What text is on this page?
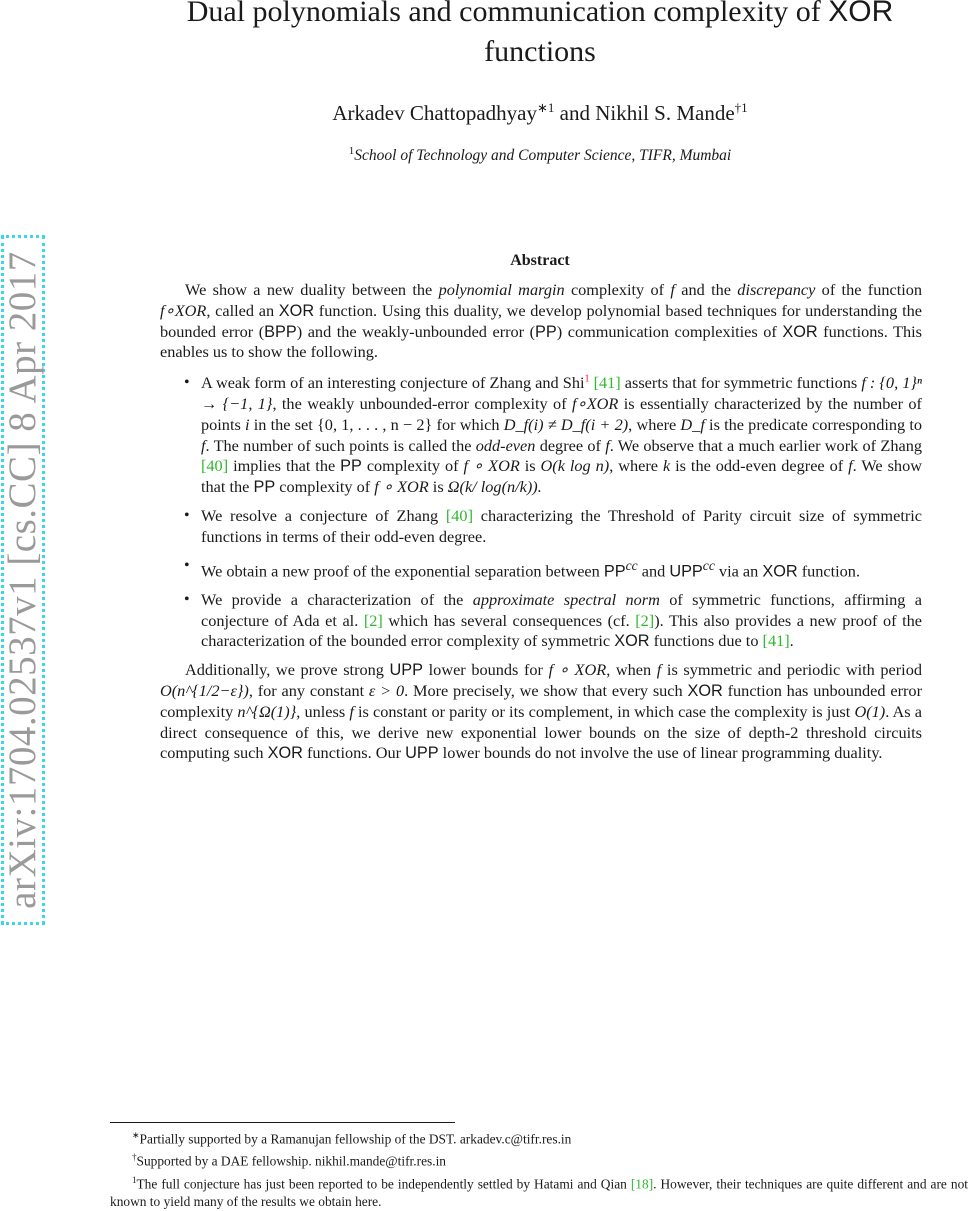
arXiv:1704.02537v1 [cs.CC] 8 Apr 2017
Dual polynomials and communication complexity of XOR
functions
Arkadev Chattopadhyay$^{∗1}$ and Nikhil S. Mande$^{\dagger 1}$
$^1$School of Technology and Computer Science, TIFR, Mumbai
Abstract

We show a new duality between the polynomial margin complexity of f and the discrepancy of the function f∘XOR, called an XOR function. Using this duality, we develop polynomial based techniques for understanding the bounded error (BPP) and the weakly-unbounded error (PP) communication complexities of XOR functions. This enables us to show the following.

• A weak form of an interesting conjecture of Zhang and Shi$^1$ [41] asserts that for symmetric functions f : {0, 1}ⁿ → {−1, 1}, the weakly unbounded-error complexity of f∘XOR is essentially characterized by the number of points i in the set {0, 1, . . . , n − 2} for which D_f(i) ≠ D_f(i + 2), where D_f is the predicate corresponding to f. The number of such points is called the odd-even degree of f. We observe that a much earlier work of Zhang [40] implies that the PP complexity of f ∘ XOR is O(k log n), where k is the odd-even degree of f. We show that the PP complexity of f ∘ XOR is Ω(k/ log(n/k)).
• We resolve a conjecture of Zhang [40] characterizing the Threshold of Parity circuit size of symmetric functions in terms of their odd-even degree.
• We obtain a new proof of the exponential separation between $PP^{cc}$ and $UPP^{cc}$ via an XOR function.
• We provide a characterization of the approximate spectral norm of symmetric functions, affirming a conjecture of Ada et al. [2] which has several consequences (cf. [2]). This also provides a new proof of the characterization of the bounded error complexity of symmetric XOR functions due to [41].

Additionally, we prove strong UPP lower bounds for f ∘ XOR, when f is symmetric and periodic with period O(n^{1/2−ε}), for any constant ε > 0. More precisely, we show that every such XOR function has unbounded error complexity n^{Ω(1)}, unless f is constant or parity or its complement, in which case the complexity is just O(1). As a direct consequence of this, we derive new exponential lower bounds on the size of depth-2 threshold circuits computing such XOR functions. Our UPP lower bounds do not involve the use of linear programming duality.

∗Partially supported by a Ramanujan fellowship of the DST. arkadev.c@tifr.res.in

†Supported by a DAE fellowship. nikhil.mande@tifr.res.in

$^1$The full conjecture has just been reported to be independently settled by Hatami and Qian [18]. However, their techniques are quite different and are not known to yield many of the results we obtain here.
